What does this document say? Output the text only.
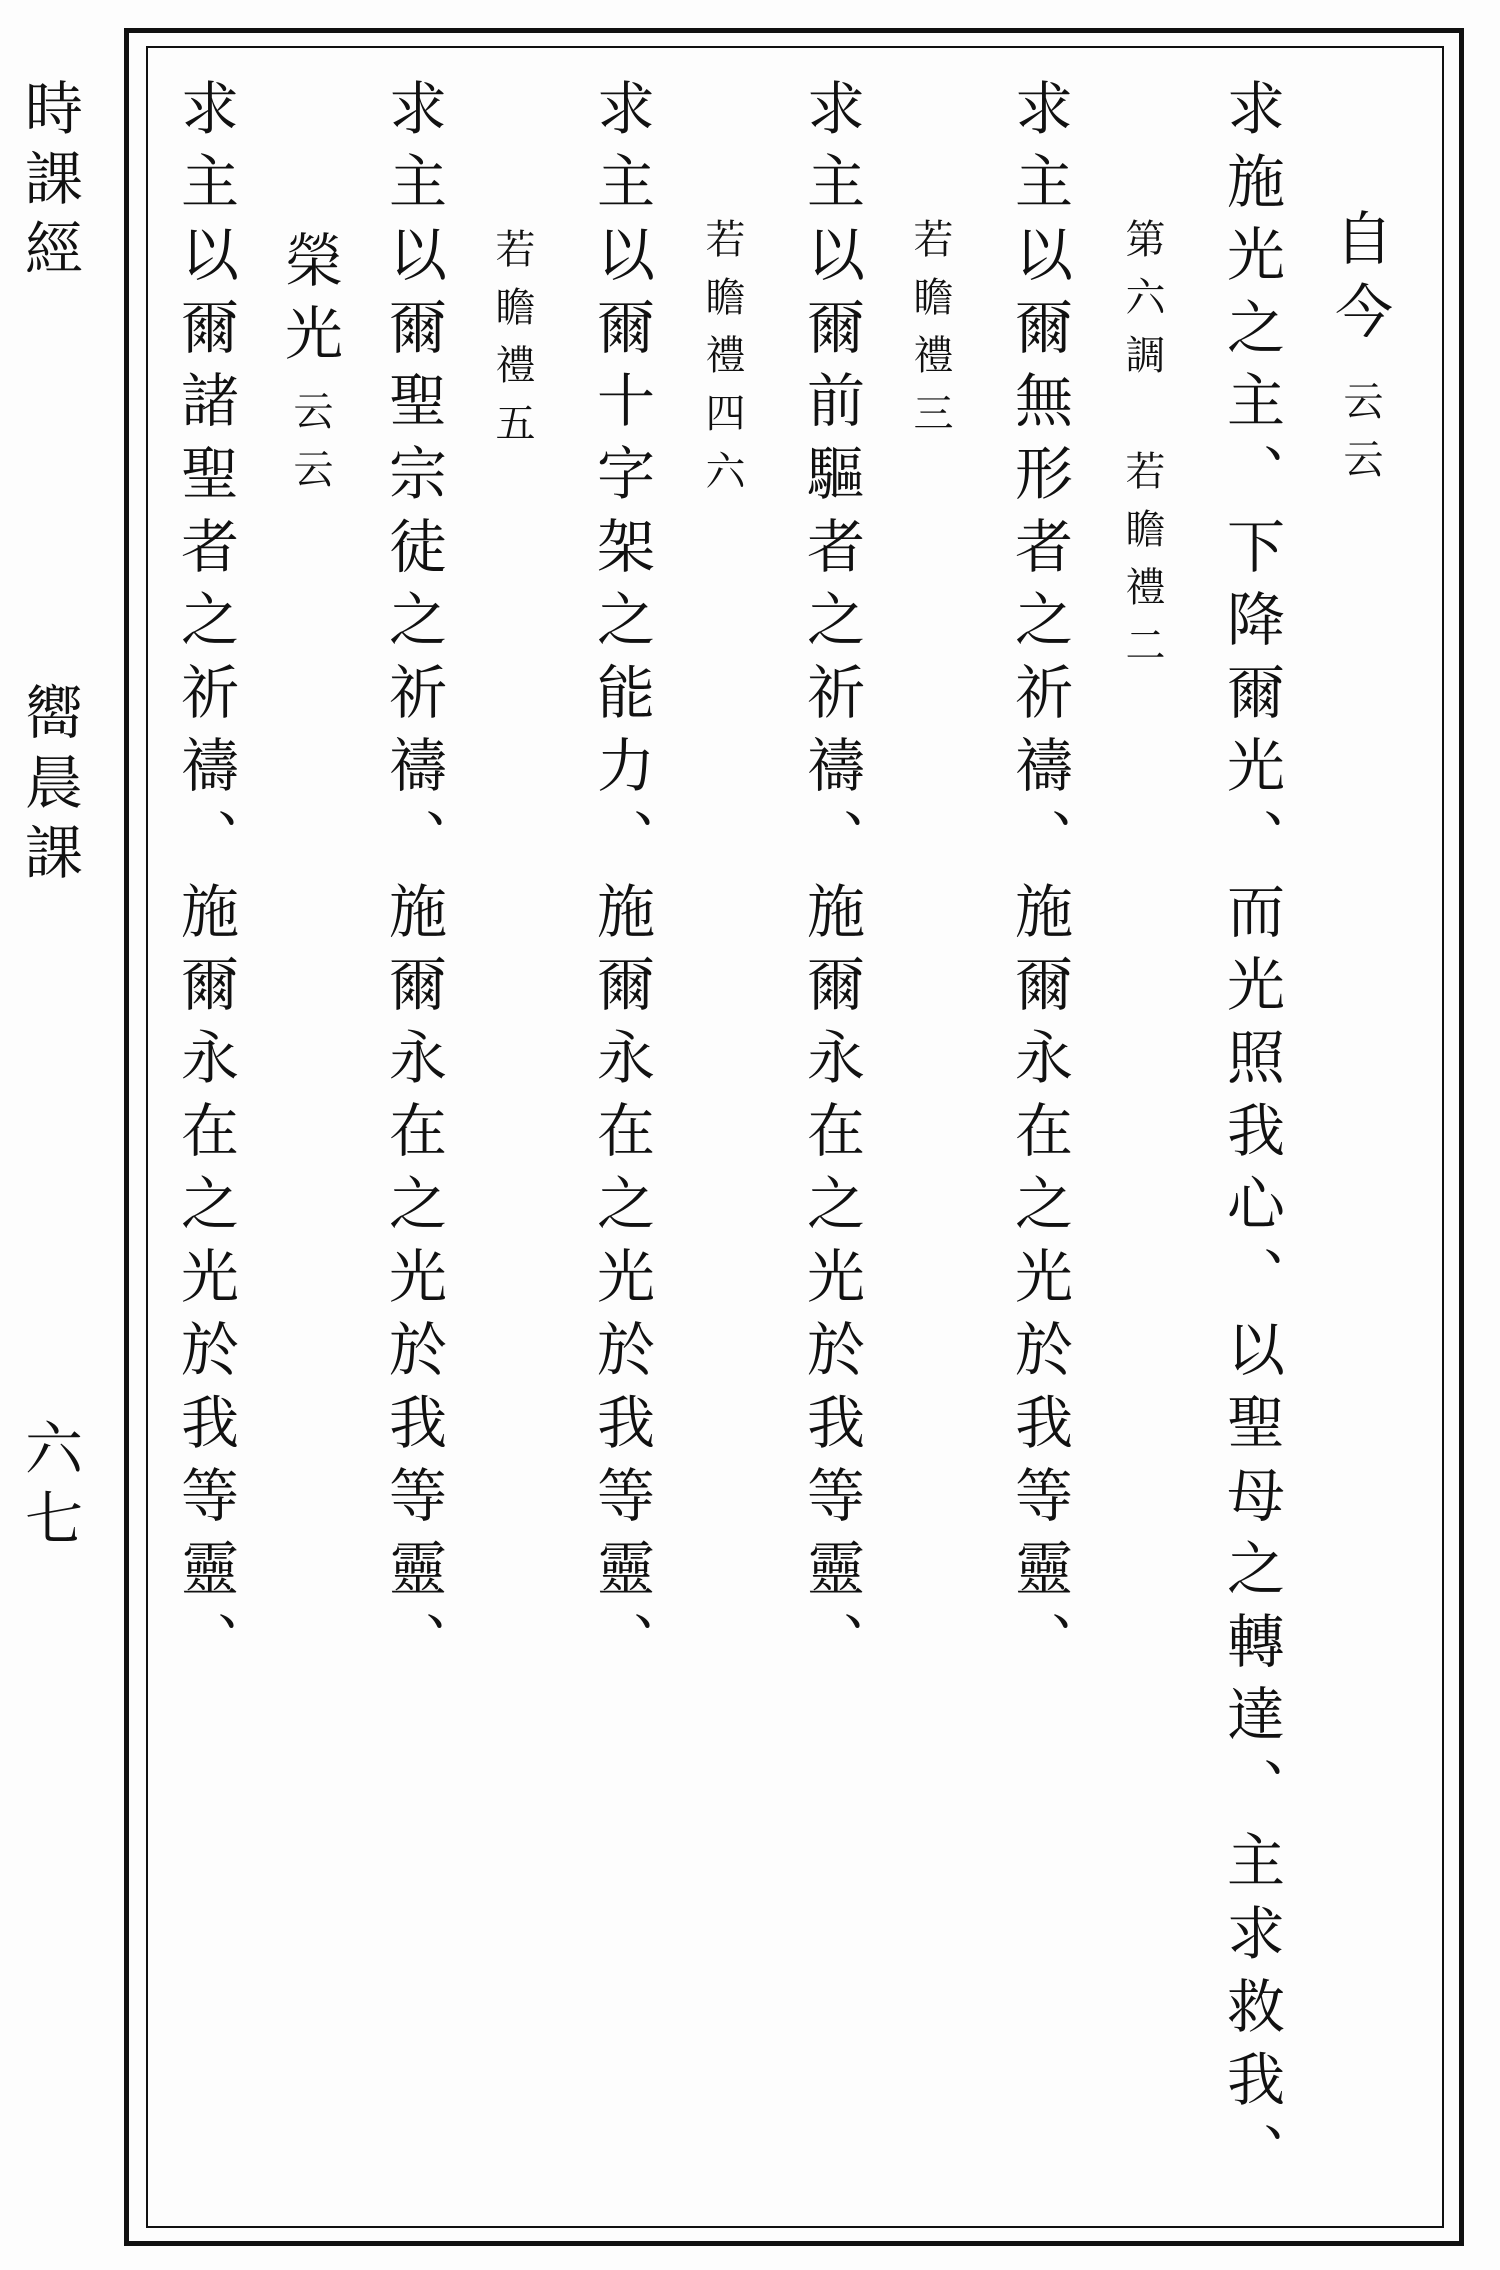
時課經
嚮晨課
六七
自今
云云
求施光之主、下降爾光、而光照我心、以聖母之轉達、主求救我、
第六調　若瞻禮二
求主以爾無形者之祈禱、施爾永在之光於我等靈、
若瞻禮三
求主以爾前驅者之祈禱、施爾永在之光於我等靈、
若瞻禮四六
求主以爾十字架之能力、施爾永在之光於我等靈、
若瞻禮五
求主以爾聖宗徒之祈禱、施爾永在之光於我等靈、
榮光
云云
求主以爾諸聖者之祈禱、施爾永在之光於我等靈、
